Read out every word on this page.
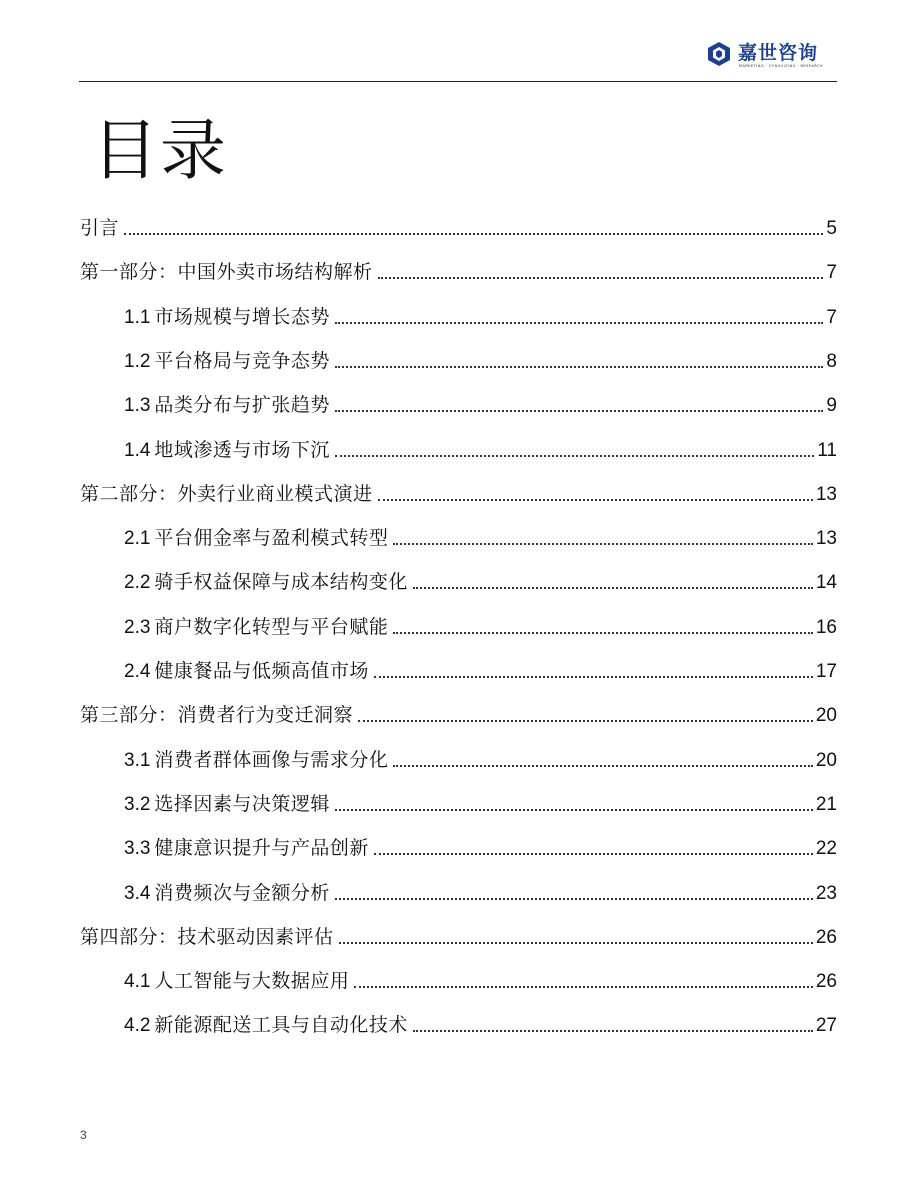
嘉世咨询
MARKETING · CONSULTING · RESEARCH
目录
引言	5
第一部分：中国外卖市场结构解析	7
1.1 市场规模与增长态势	7
1.2 平台格局与竞争态势	8
1.3 品类分布与扩张趋势	9
1.4 地域渗透与市场下沉	11
第二部分：外卖行业商业模式演进	13
2.1 平台佣金率与盈利模式转型	13
2.2 骑手权益保障与成本结构变化	14
2.3 商户数字化转型与平台赋能	16
2.4 健康餐品与低频高值市场	17
第三部分：消费者行为变迁洞察	20
3.1 消费者群体画像与需求分化	20
3.2 选择因素与决策逻辑	21
3.3 健康意识提升与产品创新	22
3.4 消费频次与金额分析	23
第四部分：技术驱动因素评估	26
4.1 人工智能与大数据应用	26
4.2 新能源配送工具与自动化技术	27
3
